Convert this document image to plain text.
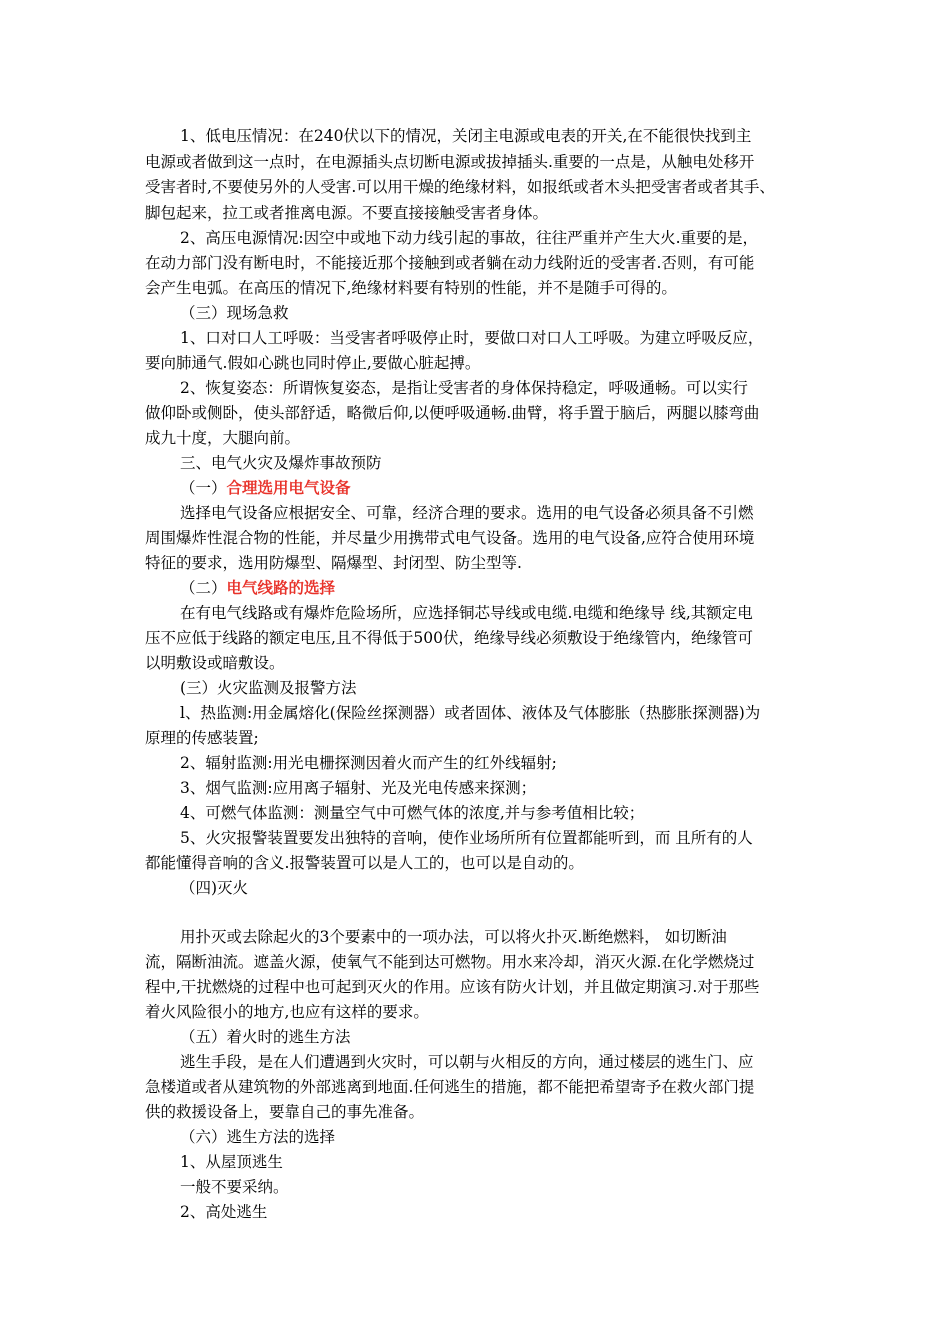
1、低电压情况：在240伏以下的情况，关闭主电源或电表的开关,在不能很快找到主
电源或者做到这一点时，在电源插头点切断电源或拔掉插头.重要的一点是，从触电处移开
受害者时,不要使另外的人受害.可以用干燥的绝缘材料，如报纸或者木头把受害者或者其手、
脚包起来，拉工或者推离电源。不要直接接触受害者身体。
2、高压电源情况:因空中或地下动力线引起的事故，往往严重并产生大火.重要的是，
在动力部门没有断电时，不能接近那个接触到或者躺在动力线附近的受害者.否则，有可能
会产生电弧。在高压的情况下,绝缘材料要有特别的性能，并不是随手可得的。
（三）现场急救
1、口对口人工呼吸：当受害者呼吸停止时，要做口对口人工呼吸。为建立呼吸反应，
要向肺通气.假如心跳也同时停止,要做心脏起搏。
2、恢复姿态：所谓恢复姿态，是指让受害者的身体保持稳定，呼吸通畅。可以实行
做仰卧或侧卧，使头部舒适，略微后仰,以便呼吸通畅.曲臂，将手置于脑后，两腿以膝弯曲
成九十度，大腿向前。
三、电气火灾及爆炸事故预防
（一）合理选用电气设备
选择电气设备应根据安全、可靠，经济合理的要求。选用的电气设备必须具备不引燃
周围爆炸性混合物的性能，并尽量少用携带式电气设备。选用的电气设备,应符合使用环境
特征的要求，选用防爆型、隔爆型、封闭型、防尘型等.
（二）电气线路的选择
在有电气线路或有爆炸危险场所，应选择铜芯导线或电缆.电缆和绝缘导 线,其额定电
压不应低于线路的额定电压,且不得低于500伏，绝缘导线必须敷设于绝缘管内，绝缘管可
以明敷设或暗敷设。
(三）火灾监测及报警方法
l、热监测:用金属熔化(保险丝探测器）或者固体、液体及气体膨胀（热膨胀探测器)为
原理的传感装置;
2、辐射监测:用光电栅探测因着火而产生的红外线辐射;
3、烟气监测:应用离子辐射、光及光电传感来探测；
4、可燃气体监测：测量空气中可燃气体的浓度,并与参考值相比较；
5、火灾报警装置要发出独特的音响，使作业场所所有位置都能听到，而 且所有的人
都能懂得音响的含义.报警装置可以是人工的，也可以是自动的。
（四)灭火
用扑灭或去除起火的3个要素中的一项办法，可以将火扑灭.断绝燃料， 如切断油
流，隔断油流。遮盖火源，使氧气不能到达可燃物。用水来冷却，消灭火源.在化学燃烧过
程中,干扰燃烧的过程中也可起到灭火的作用。应该有防火计划，并且做定期演习.对于那些
着火风险很小的地方,也应有这样的要求。
（五）着火时的逃生方法
逃生手段，是在人们遭遇到火灾时，可以朝与火相反的方向，通过楼层的逃生门、应
急楼道或者从建筑物的外部逃离到地面.任何逃生的措施，都不能把希望寄予在救火部门提
供的救援设备上，要靠自己的事先准备。
（六）逃生方法的选择
1、从屋顶逃生
一般不要采纳。
2、高处逃生
